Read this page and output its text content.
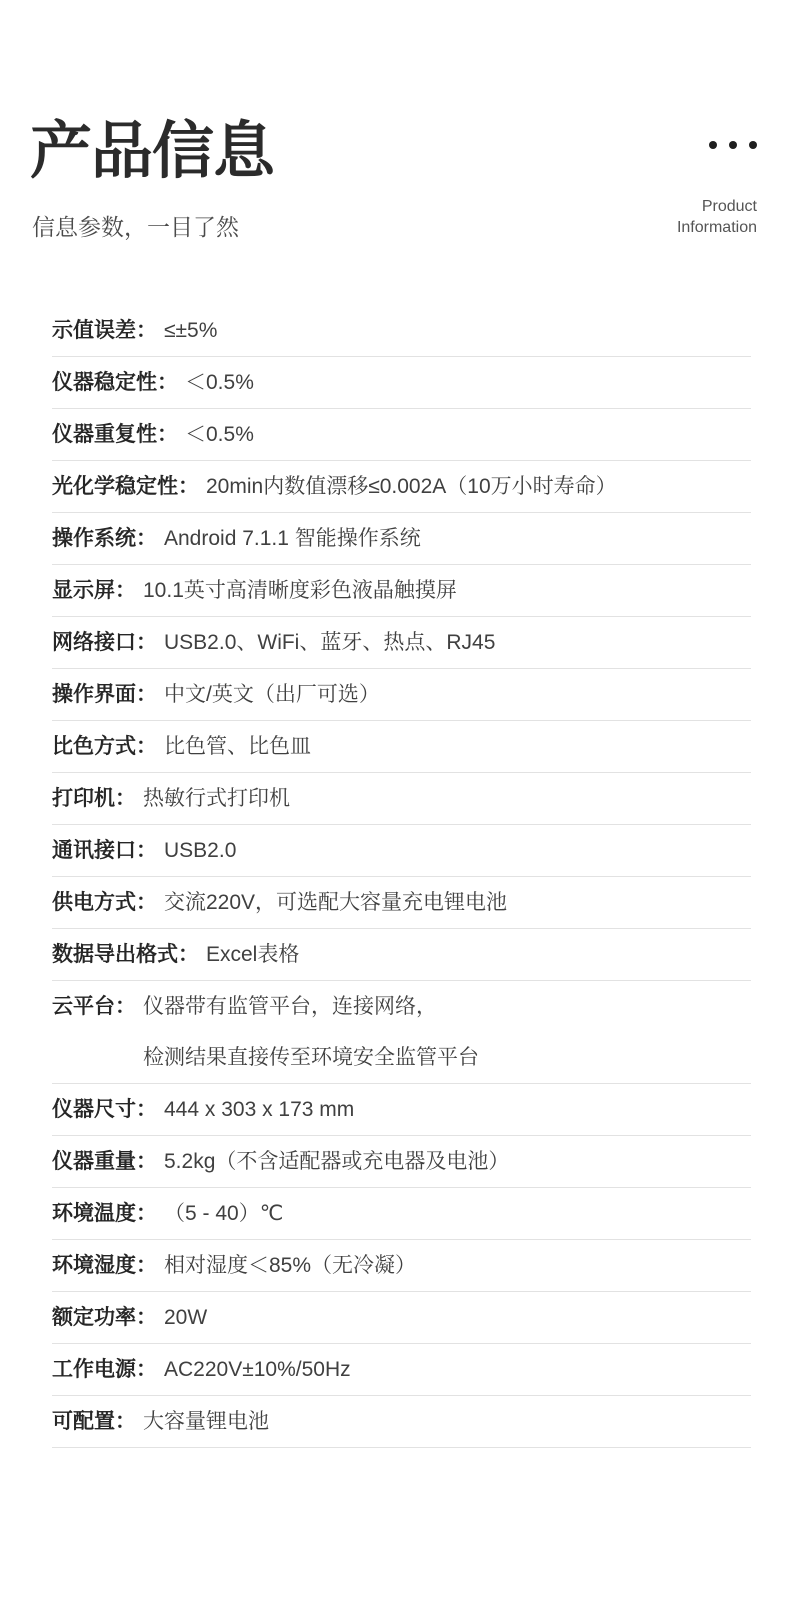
产品信息

信息参数，一目了然

Product
Information
示值误差： ≤±5%
仪器稳定性： ＜0.5%
仪器重复性： ＜0.5%
光化学稳定性： 20min内数值漂移≤0.002A（10万小时寿命）
操作系统： Android 7.1.1 智能操作系统
显示屏： 10.1英寸高清晰度彩色液晶触摸屏
网络接口： USB2.0、WiFi、蓝牙、热点、RJ45
操作界面： 中文/英文（出厂可选）
比色方式： 比色管、比色皿
打印机： 热敏行式打印机
通讯接口： USB2.0
供电方式： 交流220V，可选配大容量充电锂电池
数据导出格式： Excel表格
云平台： 仪器带有监管平台，连接网络，
检测结果直接传至环境安全监管平台
仪器尺寸： 444 x 303 x 173 mm
仪器重量： 5.2kg（不含适配器或充电器及电池）
环境温度： （5 - 40）℃
环境湿度： 相对湿度＜85%（无冷凝）
额定功率： 20W
工作电源： AC220V±10%/50Hz
可配置： 大容量锂电池
